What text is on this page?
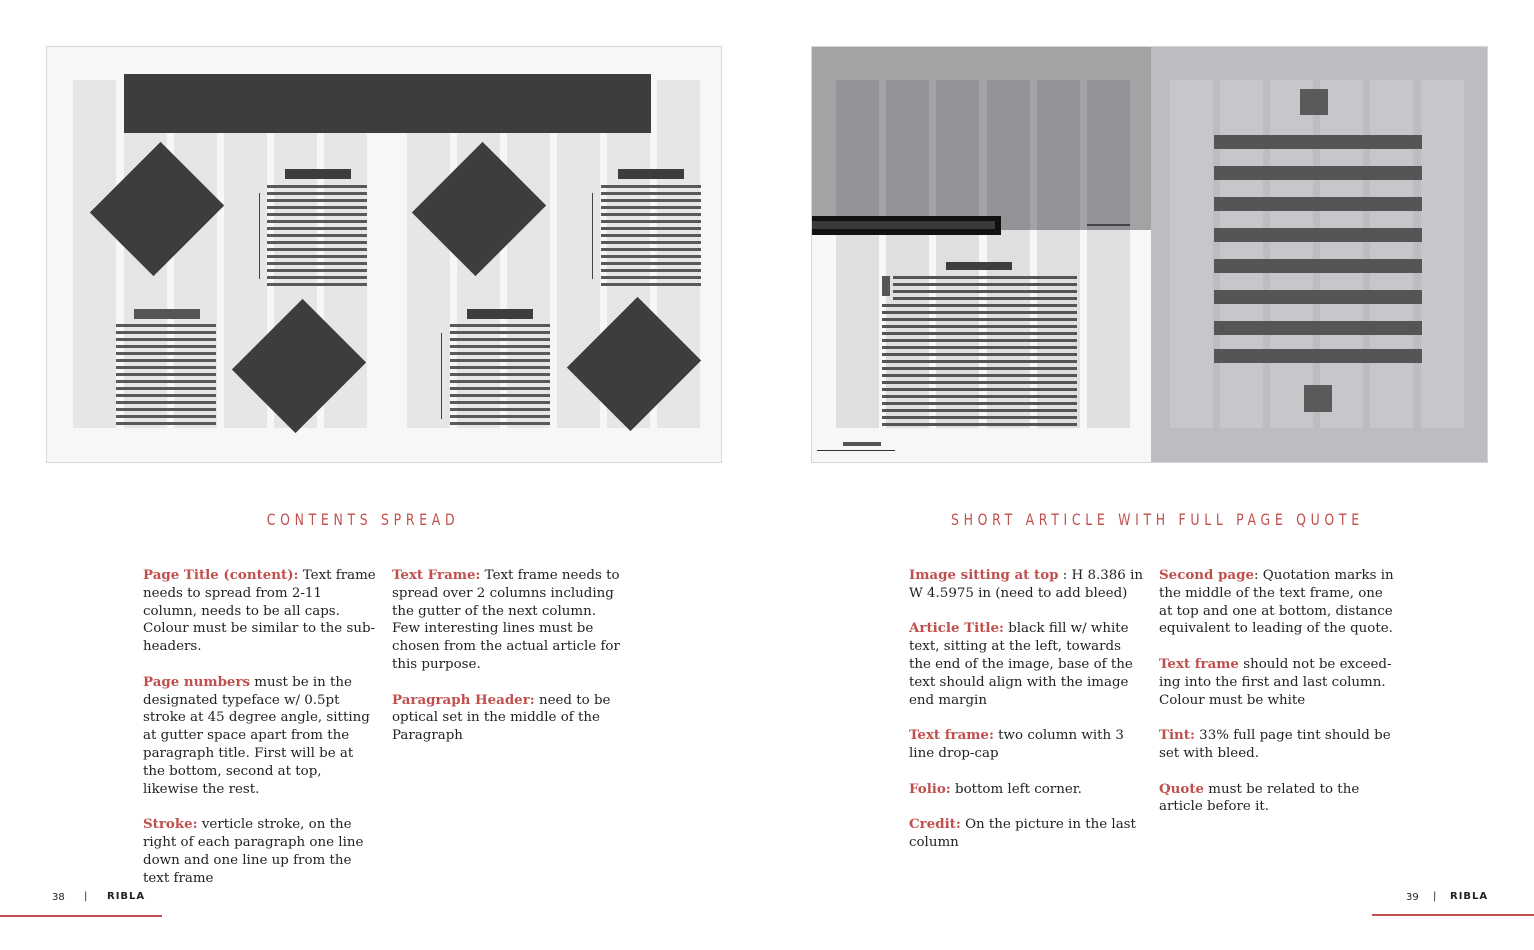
CONTENTS SPREAD	SHORT ARTICLE WITH FULL PAGE QUOTE

Page Title (content): Text frame needs to spread from 2-11 column, needs to be all caps. Colour must be similar to the sub-headers.

Page numbers must be in the designated typeface w/ 0.5pt stroke at 45 degree angle, sitting at gutter space apart from the paragraph title. First will be at the bottom, second at top, likewise the rest.

Stroke: verticle stroke, on the right of each paragraph one line down and one line up from the text frame

Text Frame: Text frame needs to spread over 2 columns including the gutter of the next column. Few interesting lines must be chosen from the actual article for this purpose.

Paragraph Header: need to be optical set in the middle of the Paragraph

Image sitting at top : H 8.386 in W 4.5975 in (need to add bleed)

Article Title: black fill w/ white text, sitting at the left, towards the end of the image, base of the text should align with the image end margin

Text frame: two column with 3 line drop-cap

Folio: bottom left corner.

Credit: On the picture in the last column

Second page: Quotation marks in the middle of the text frame, one at top and one at bottom, distance equivalent to leading of the quote.

Text frame should not be exceed-ing into the first and last column. Colour must be white

Tint: 33% full page tint should be set with bleed.

Quote must be related to the article before it.

38 | RIBLA	39 | RIBLA
